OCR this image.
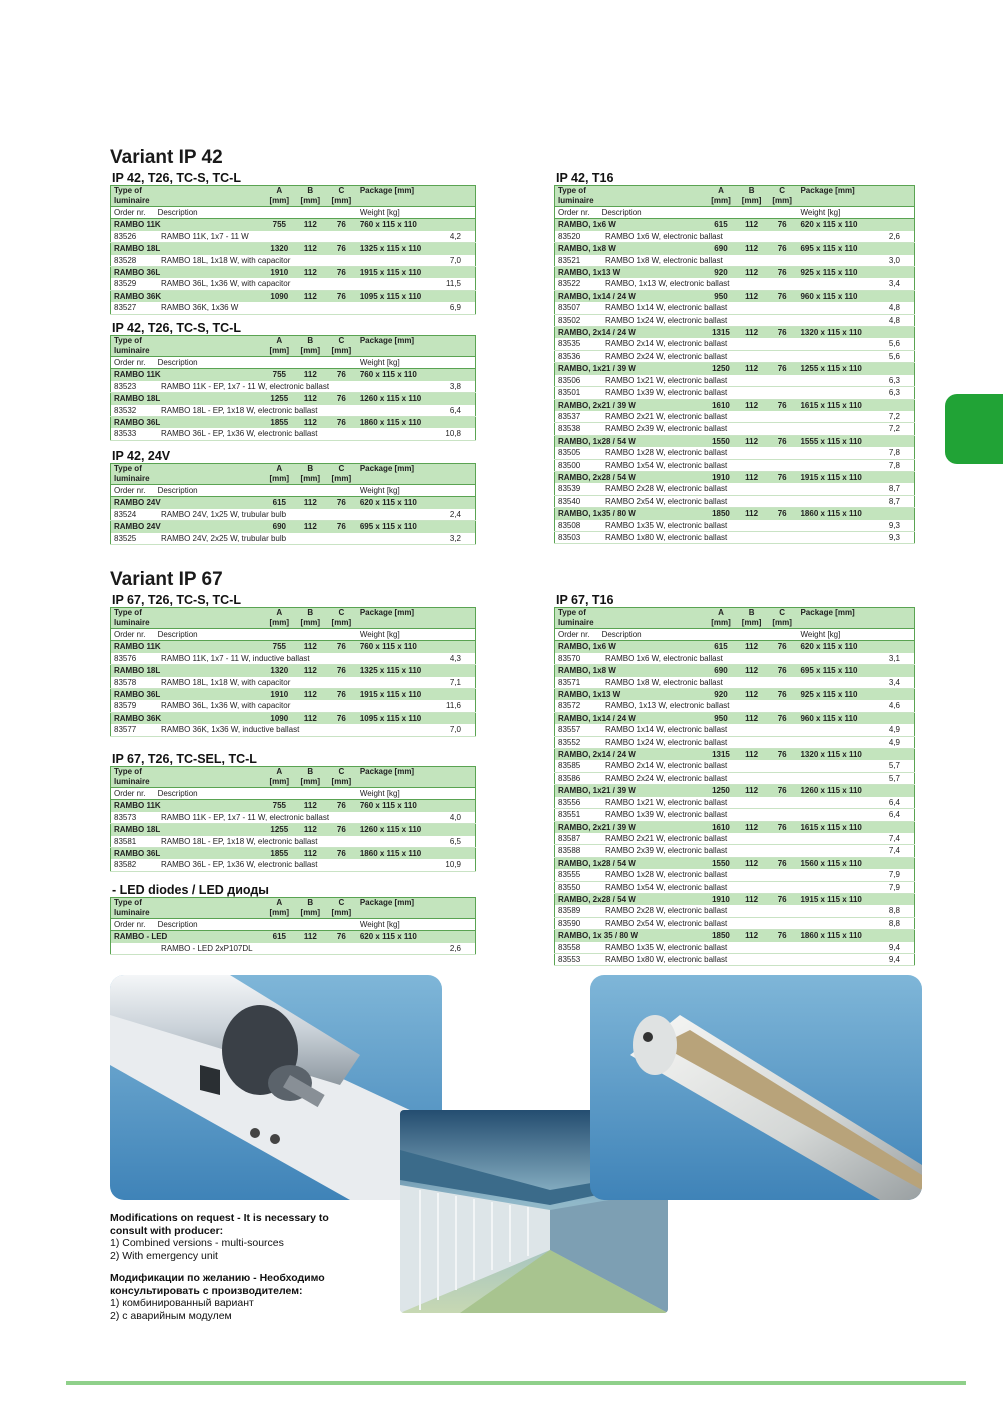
Variant IP 42
Variant IP 67
IP 42, T26, TC-S, TC-L
Type of	A	B	C	Package [mm]
luminaire	[mm]	[mm]	[mm]	
Order nr. Description				Weight [kg]
RAMBO 11K	755	112	76	760 x 115 x 110
83526 RAMBO 11K, 1x7 - 11 W				4,2
RAMBO 18L	1320	112	76	1325 x 115 x 110
83528 RAMBO 18L, 1x18 W, with capacitor				7,0
RAMBO 36L	1910	112	76	1915 x 115 x 110
83529 RAMBO 36L, 1x36 W, with capacitor				11,5
RAMBO 36K	1090	112	76	1095 x 115 x 110
83527 RAMBO 36K, 1x36 W				6,9
IP 42, T26, TC-S, TC-L
Type of	A	B	C	Package [mm]
luminaire	[mm]	[mm]	[mm]	
Order nr. Description				Weight [kg]
RAMBO 11K	755	112	76	760 x 115 x 110
83523 RAMBO 11K - EP, 1x7 - 11 W, electronic ballast				3,8
RAMBO 18L	1255	112	76	1260 x 115 x 110
83532 RAMBO 18L - EP, 1x18 W, electronic ballast				6,4
RAMBO 36L	1855	112	76	1860 x 115 x 110
83533 RAMBO 36L - EP, 1x36 W, electronic ballast				10,8
IP 42, 24V
Type of	A	B	C	Package [mm]
luminaire	[mm]	[mm]	[mm]	
Order nr. Description				Weight [kg]
RAMBO 24V	615	112	76	620 x 115 x 110
83524 RAMBO 24V, 1x25 W, trubular bulb				2,4
RAMBO 24V	690	112	76	695 x 115 x 110
83525 RAMBO 24V, 2x25 W, trubular bulb				3,2
IP 42, T16
Type of	A	B	C	Package [mm]
luminaire	[mm]	[mm]	[mm]	
Order nr. Description				Weight [kg]
RAMBO, 1x6 W	615	112	76	620 x 115 x 110
83520 RAMBO 1x6 W, electronic ballast				2,6
RAMBO, 1x8 W	690	112	76	695 x 115 x 110
83521 RAMBO 1x8 W, electronic ballast				3,0
RAMBO, 1x13 W	920	112	76	925 x 115 x 110
83522 RAMBO, 1x13 W, electronic ballast				3,4
RAMBO, 1x14 / 24 W	950	112	76	960 x 115 x 110
83507 RAMBO 1x14 W, electronic ballast				4,8
83502 RAMBO 1x24 W, electronic ballast				4,8
RAMBO, 2x14 / 24 W	1315	112	76	1320 x 115 x 110
83535 RAMBO 2x14 W, electronic ballast				5,6
83536 RAMBO 2x24 W, electronic ballast				5,6
RAMBO, 1x21 / 39 W	1250	112	76	1255 x 115 x 110
83506 RAMBO 1x21 W, electronic ballast				6,3
83501 RAMBO 1x39 W, electronic ballast				6,3
RAMBO, 2x21 / 39 W	1610	112	76	1615 x 115 x 110
83537 RAMBO 2x21 W, electronic ballast				7,2
83538 RAMBO 2x39 W, electronic ballast				7,2
RAMBO, 1x28 / 54 W	1550	112	76	1555 x 115 x 110
83505 RAMBO 1x28 W, electronic ballast				7,8
83500 RAMBO 1x54 W, electronic ballast				7,8
RAMBO, 2x28 / 54 W	1910	112	76	1915 x 115 x 110
83539 RAMBO 2x28 W, electronic ballast				8,7
83540 RAMBO 2x54 W, electronic ballast				8,7
RAMBO, 1x35 / 80 W	1850	112	76	1860 x 115 x 110
83508 RAMBO 1x35 W, electronic ballast				9,3
83503 RAMBO 1x80 W, electronic ballast				9,3
IP 67, T26, TC-S, TC-L
Type of	A	B	C	Package [mm]
luminaire	[mm]	[mm]	[mm]	
Order nr. Description				Weight [kg]
RAMBO 11K	755	112	76	760 x 115 x 110
83576 RAMBO 11K, 1x7 - 11 W, inductive ballast				4,3
RAMBO 18L	1320	112	76	1325 x 115 x 110
83578 RAMBO 18L, 1x18 W, with capacitor				7,1
RAMBO 36L	1910	112	76	1915 x 115 x 110
83579 RAMBO 36L, 1x36 W, with capacitor				11,6
RAMBO 36K	1090	112	76	1095 x 115 x 110
83577 RAMBO 36K, 1x36 W, inductive ballast				7,0
IP 67, T26, TC-SEL, TC-L
Type of	A	B	C	Package [mm]
luminaire	[mm]	[mm]	[mm]	
Order nr. Description				Weight [kg]
RAMBO 11K	755	112	76	760 x 115 x 110
83573 RAMBO 11K - EP, 1x7 - 11 W, electronic ballast				4,0
RAMBO 18L	1255	112	76	1260 x 115 x 110
83581 RAMBO 18L - EP, 1x18 W, electronic ballast				6,5
RAMBO 36L	1855	112	76	1860 x 115 x 110
83582 RAMBO 36L - EP, 1x36 W, electronic ballast				10,9
- LED diodes / LED диоды
Type of	A	B	C	Package [mm]
luminaire	[mm]	[mm]	[mm]	
Order nr. Description				Weight [kg]
RAMBO - LED	615	112	76	620 x 115 x 110
RAMBO - LED 2xP107DL				2,6
IP 67, T16
Type of	A	B	C	Package [mm]
luminaire	[mm]	[mm]	[mm]	
Order nr. Description				Weight [kg]
RAMBO, 1x6 W	615	112	76	620 x 115 x 110
83570 RAMBO 1x6 W, electronic ballast				3,1
RAMBO, 1x8 W	690	112	76	695 x 115 x 110
83571 RAMBO 1x8 W, electronic ballast				3,4
RAMBO, 1x13 W	920	112	76	925 x 115 x 110
83572 RAMBO, 1x13 W, electronic ballast				4,6
RAMBO, 1x14 / 24 W	950	112	76	960 x 115 x 110
83557 RAMBO 1x14 W, electronic ballast				4,9
83552 RAMBO 1x24 W, electronic ballast				4,9
RAMBO, 2x14 / 24 W	1315	112	76	1320 x 115 x 110
83585 RAMBO 2x14 W, electronic ballast				5,7
83586 RAMBO 2x24 W, electronic ballast				5,7
RAMBO, 1x21 / 39 W	1250	112	76	1260 x 115 x 110
83556 RAMBO 1x21 W, electronic ballast				6,4
83551 RAMBO 1x39 W, electronic ballast				6,4
RAMBO, 2x21 / 39 W	1610	112	76	1615 x 115 x 110
83587 RAMBO 2x21 W, electronic ballast				7,4
83588 RAMBO 2x39 W, electronic ballast				7,4
RAMBO, 1x28 / 54 W	1550	112	76	1560 x 115 x 110
83555 RAMBO 1x28 W, electronic ballast				7,9
83550 RAMBO 1x54 W, electronic ballast				7,9
RAMBO, 2x28 / 54 W	1910	112	76	1915 x 115 x 110
83589 RAMBO 2x28 W, electronic ballast				8,8
83590 RAMBO 2x54 W, electronic ballast				8,8
RAMBO, 1x 35 / 80 W	1850	112	76	1860 x 115 x 110
83558 RAMBO 1x35 W, electronic ballast				9,4
83553 RAMBO 1x80 W, electronic ballast				9,4
Modifications on request - It is necessary to consult with producer:
1) Combined versions - multi-sources
2) With emergency unit
Модификации по желанию - Необходимо консультировать с производителем:
1) комбинированный вариант
2) с аварийным модулем
